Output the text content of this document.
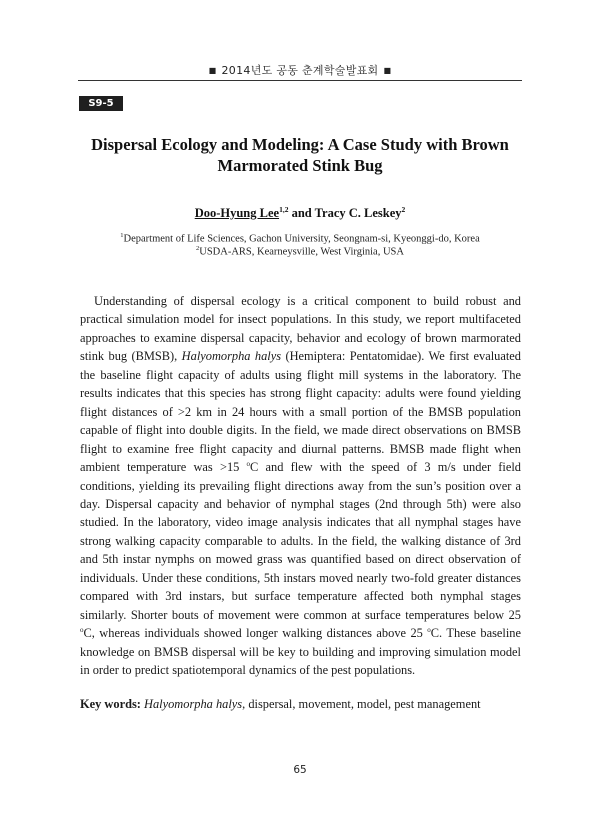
■ 2014년도 공동 춘계학술발표회 ■
S9-5
Dispersal Ecology and Modeling: A Case Study with Brown
Marmorated Stink Bug
Doo-Hyung Lee$^{1,2}$ and Tracy C. Leskey$^2$
$^1$Department of Life Sciences, Gachon University, Seongnam-si, Kyeonggi-do, Korea
$^2$USDA-ARS, Kearneysville, West Virginia, USA

Understanding of dispersal ecology is a critical component to build robust and practical simulation model for insect populations. In this study, we report multifaceted approaches to examine dispersal capacity, behavior and ecology of brown marmorated stink bug (BMSB), Halyomorpha halys (Hemiptera: Pentatomidae). We first evaluated the baseline flight capacity of adults using flight mill systems in the laboratory. The results indicates that this species has strong flight capacity: adults were found yielding flight distances of >2 km in 24 hours with a small portion of the BMSB population capable of flight into double digits. In the field, we made direct observations on BMSB flight to examine free flight capacity and diurnal patterns. BMSB made flight when ambient temperature was >15 $^o$C and flew with the speed of 3 m/s under field conditions, yielding its prevailing flight directions away from the sun’s position over a day. Dispersal capacity and behavior of nymphal stages (2nd through 5th) were also studied. In the laboratory, video image analysis indicates that all nymphal stages have strong walking capacity comparable to adults. In the field, the walking distance of 3rd and 5th instar nymphs on mowed grass was quantified based on direct observation of individuals. Under these conditions, 5th instars moved nearly two-fold greater distances compared with 3rd instars, but surface temperature affected both nymphal stages similarly. Shorter bouts of movement were common at surface temperatures below 25 $^o$C, whereas individuals showed longer walking distances above 25 $^o$C. These baseline knowledge on BMSB dispersal will be key to building and improving simulation model in order to predict spatiotemporal dynamics of the pest populations.

Key words: Halyomorpha halys, dispersal, movement, model, pest management

65
